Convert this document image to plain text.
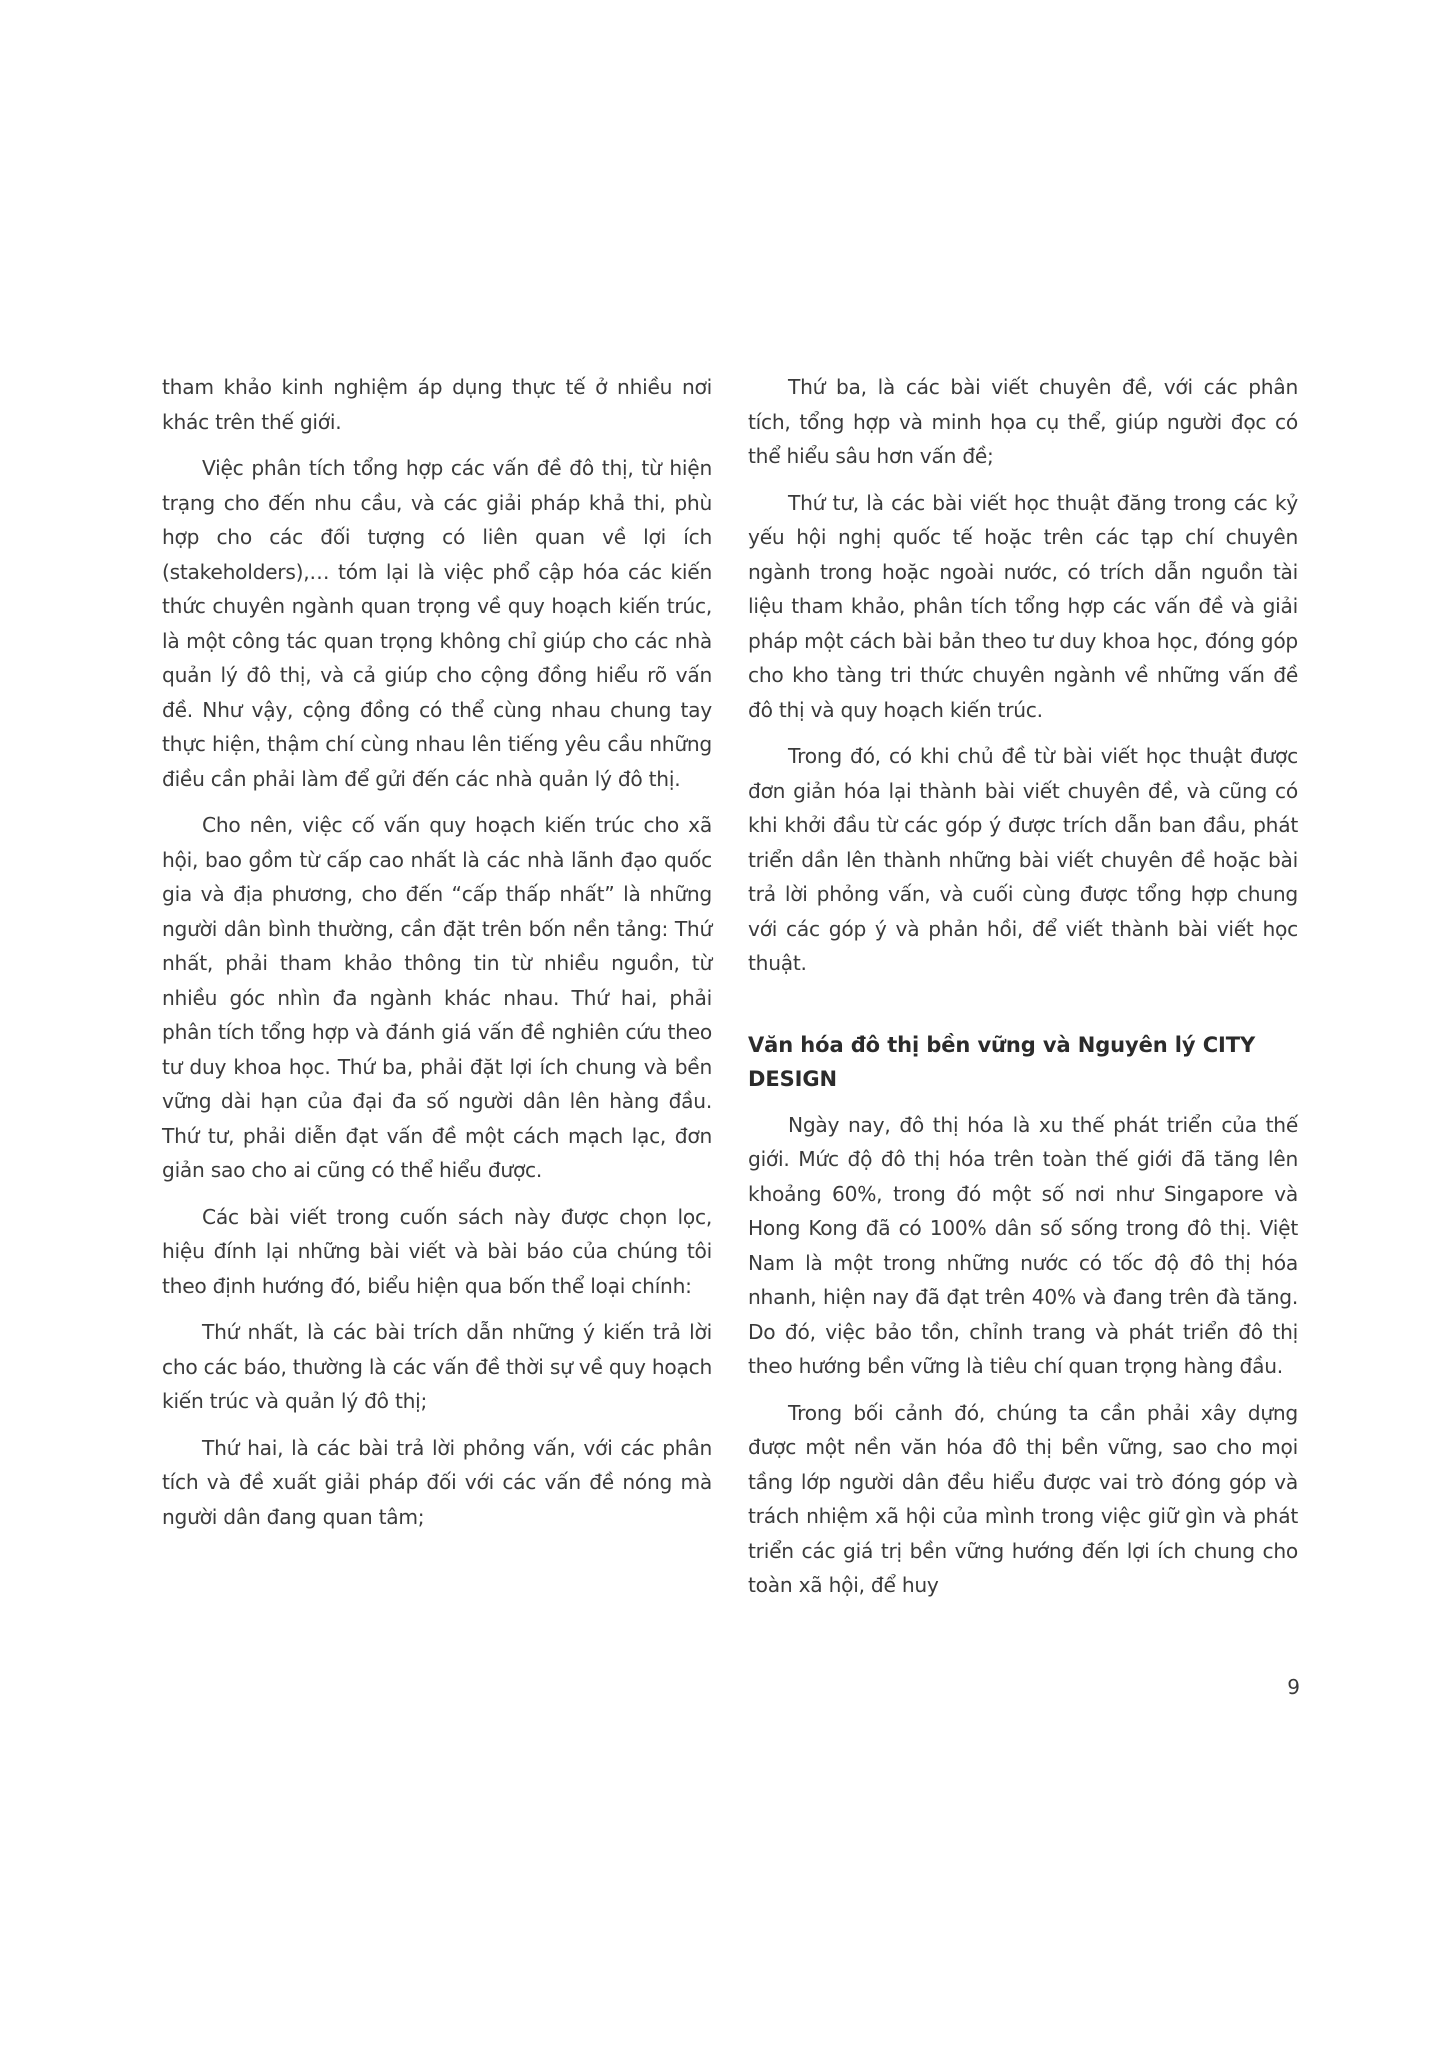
tham khảo kinh nghiệm áp dụng thực tế ở nhiều nơi khác trên thế giới.

Việc phân tích tổng hợp các vấn đề đô thị, từ hiện trạng cho đến nhu cầu, và các giải pháp khả thi, phù hợp cho các đối tượng có liên quan về lợi ích (stakeholders),… tóm lại là việc phổ cập hóa các kiến thức chuyên ngành quan trọng về quy hoạch kiến trúc, là một công tác quan trọng không chỉ giúp cho các nhà quản lý đô thị, và cả giúp cho cộng đồng hiểu rõ vấn đề. Như vậy, cộng đồng có thể cùng nhau chung tay thực hiện, thậm chí cùng nhau lên tiếng yêu cầu những điều cần phải làm để gửi đến các nhà quản lý đô thị.

Cho nên, việc cố vấn quy hoạch kiến trúc cho xã hội, bao gồm từ cấp cao nhất là các nhà lãnh đạo quốc gia và địa phương, cho đến “cấp thấp nhất” là những người dân bình thường, cần đặt trên bốn nền tảng: Thứ nhất, phải tham khảo thông tin từ nhiều nguồn, từ nhiều góc nhìn đa ngành khác nhau. Thứ hai, phải phân tích tổng hợp và đánh giá vấn đề nghiên cứu theo tư duy khoa học. Thứ ba, phải đặt lợi ích chung và bền vững dài hạn của đại đa số người dân lên hàng đầu. Thứ tư, phải diễn đạt vấn đề một cách mạch lạc, đơn giản sao cho ai cũng có thể hiểu được.

Các bài viết trong cuốn sách này được chọn lọc, hiệu đính lại những bài viết và bài báo của chúng tôi theo định hướng đó, biểu hiện qua bốn thể loại chính:

Thứ nhất, là các bài trích dẫn những ý kiến trả lời cho các báo, thường là các vấn đề thời sự về quy hoạch kiến trúc và quản lý đô thị;

Thứ hai, là các bài trả lời phỏng vấn, với các phân tích và đề xuất giải pháp đối với các vấn đề nóng mà người dân đang quan tâm;

Thứ ba, là các bài viết chuyên đề, với các phân tích, tổng hợp và minh họa cụ thể, giúp người đọc có thể hiểu sâu hơn vấn đề;

Thứ tư, là các bài viết học thuật đăng trong các kỷ yếu hội nghị quốc tế hoặc trên các tạp chí chuyên ngành trong hoặc ngoài nước, có trích dẫn nguồn tài liệu tham khảo, phân tích tổng hợp các vấn đề và giải pháp một cách bài bản theo tư duy khoa học, đóng góp cho kho tàng tri thức chuyên ngành về những vấn đề đô thị và quy hoạch kiến trúc.

Trong đó, có khi chủ đề từ bài viết học thuật được đơn giản hóa lại thành bài viết chuyên đề, và cũng có khi khởi đầu từ các góp ý được trích dẫn ban đầu, phát triển dần lên thành những bài viết chuyên đề hoặc bài trả lời phỏng vấn, và cuối cùng được tổng hợp chung với các góp ý và phản hồi, để viết thành bài viết học thuật.

Văn hóa đô thị bền vững và Nguyên lý CITY DESIGN

Ngày nay, đô thị hóa là xu thế phát triển của thế giới. Mức độ đô thị hóa trên toàn thế giới đã tăng lên khoảng 60%, trong đó một số nơi như Singapore và Hong Kong đã có 100% dân số sống trong đô thị. Việt Nam là một trong những nước có tốc độ đô thị hóa nhanh, hiện nay đã đạt trên 40% và đang trên đà tăng. Do đó, việc bảo tồn, chỉnh trang và phát triển đô thị theo hướng bền vững là tiêu chí quan trọng hàng đầu.

Trong bối cảnh đó, chúng ta cần phải xây dựng được một nền văn hóa đô thị bền vững, sao cho mọi tầng lớp người dân đều hiểu được vai trò đóng góp và trách nhiệm xã hội của mình trong việc giữ gìn và phát triển các giá trị bền vững hướng đến lợi ích chung cho toàn xã hội, để huy

9
